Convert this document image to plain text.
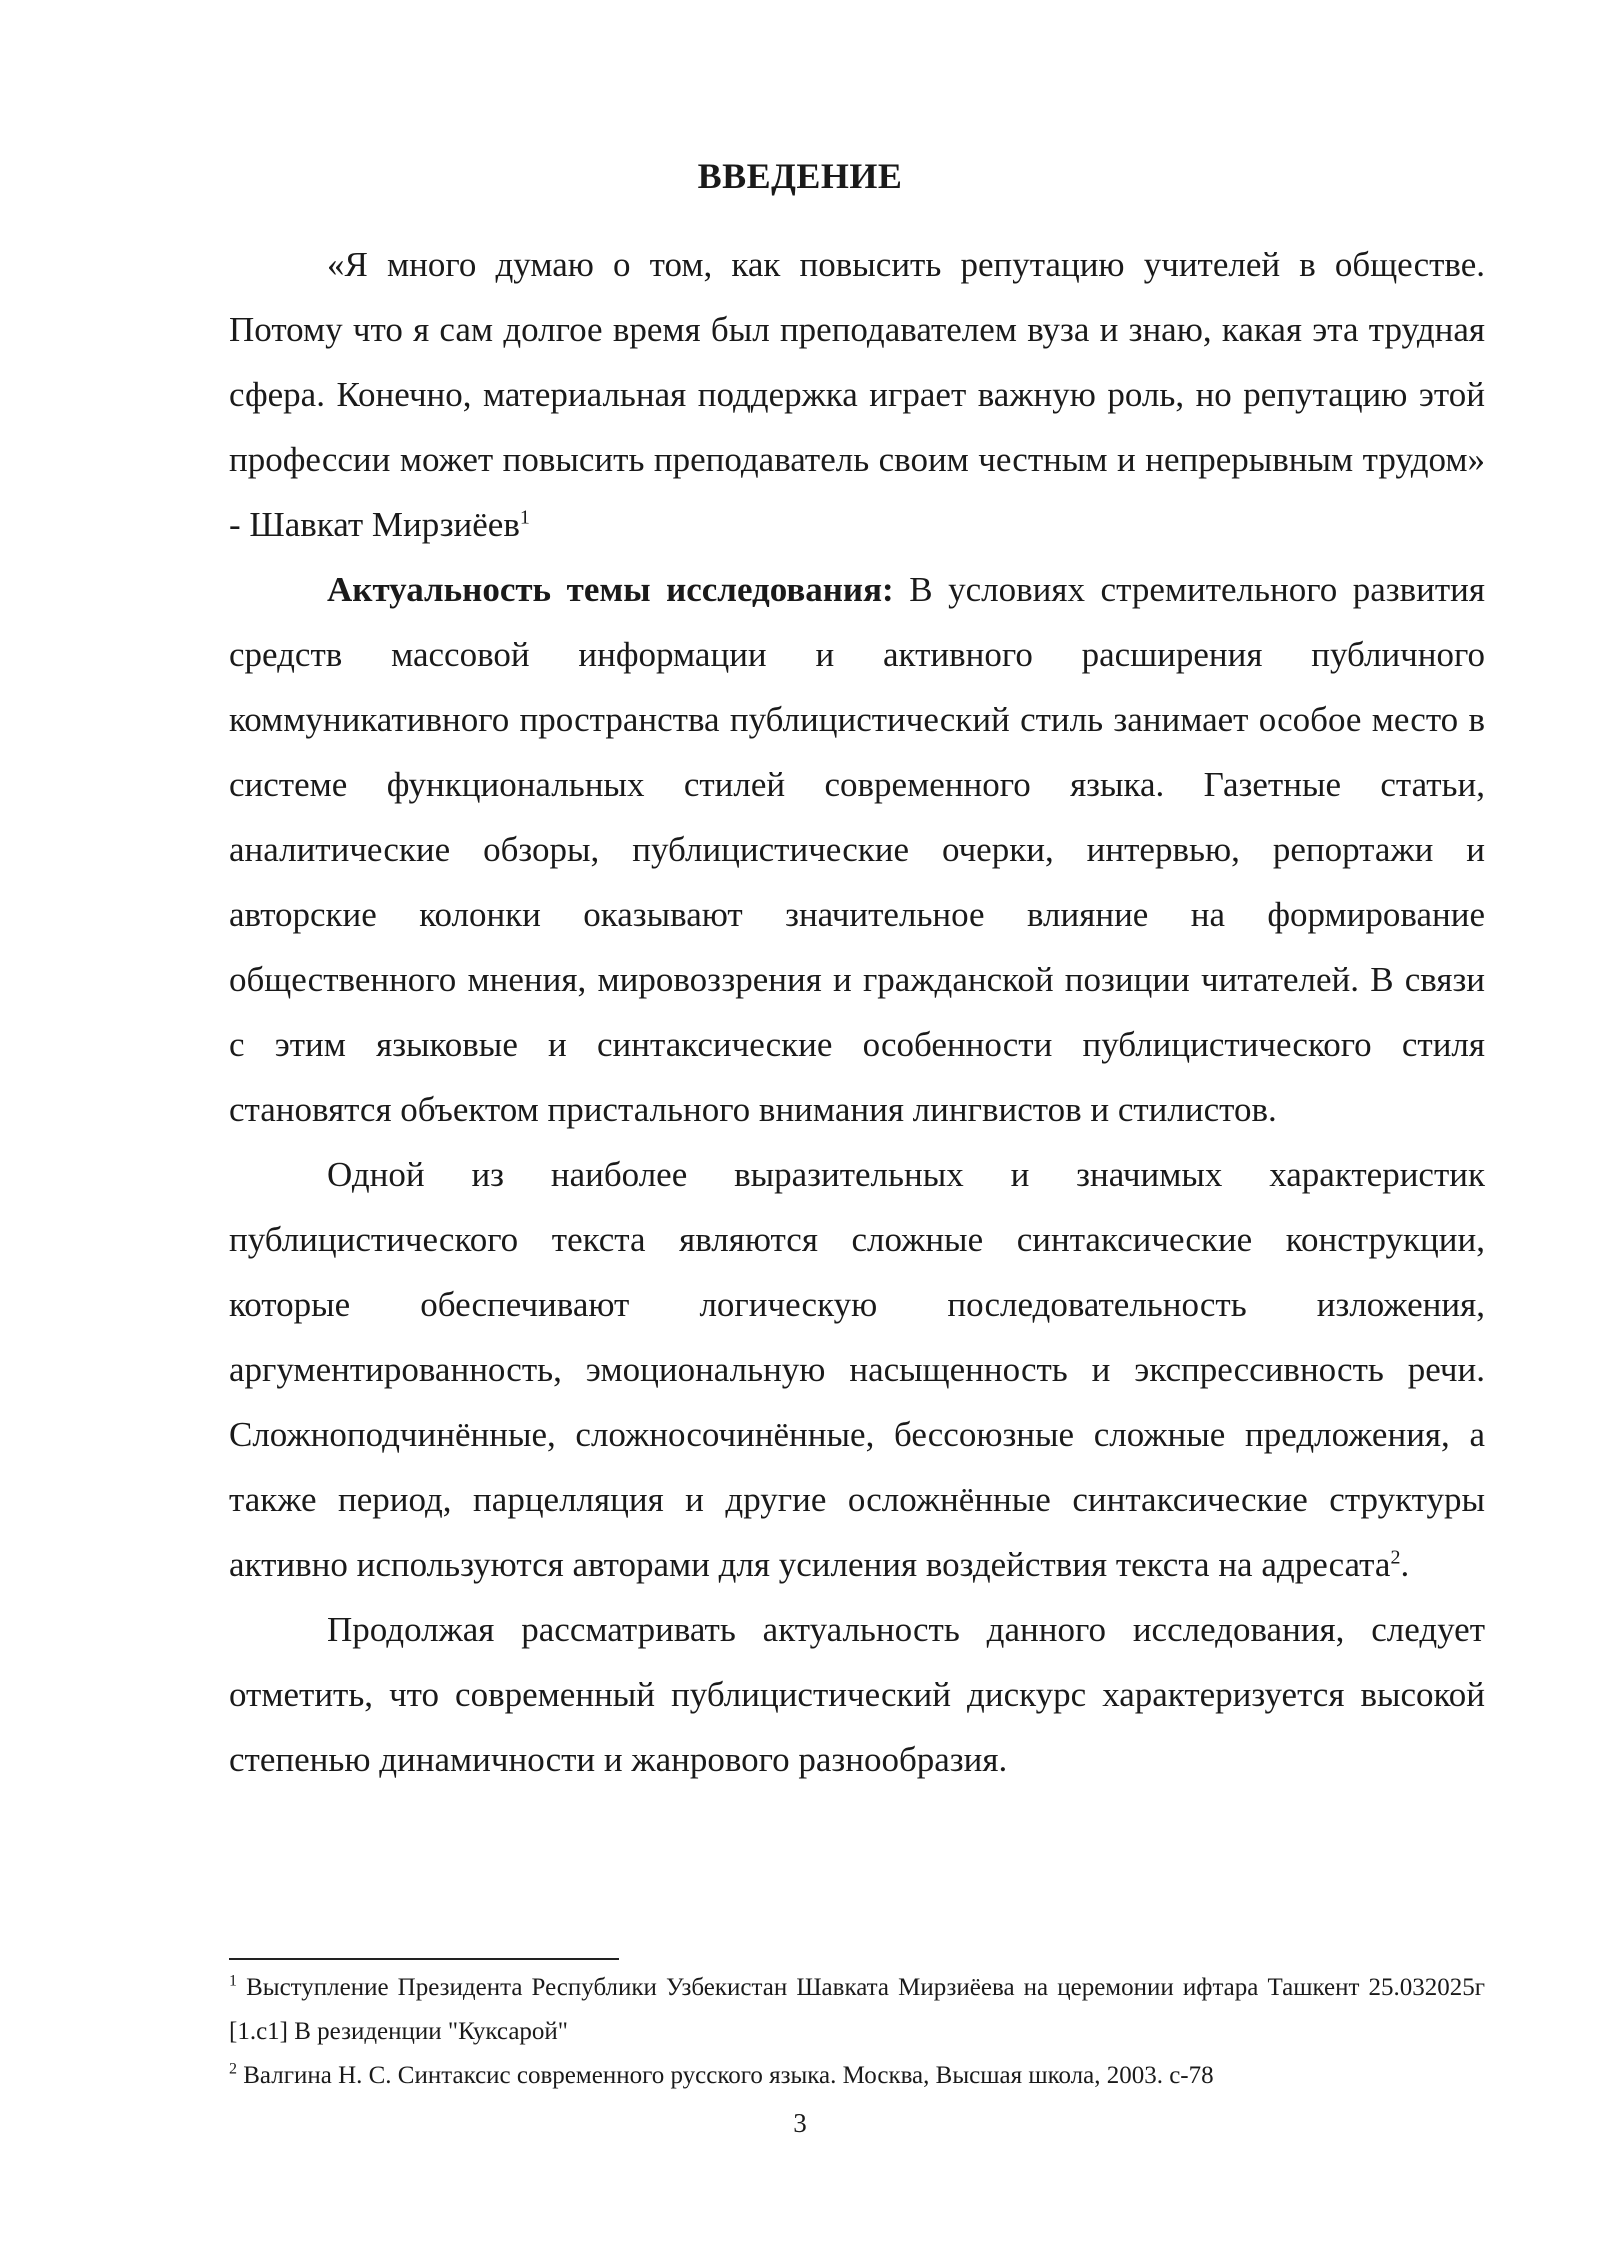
ВВЕДЕНИЕ

«Я много думаю о том, как повысить репутацию учителей в обществе. Потому что я сам долгое время был преподавателем вуза и знаю, какая эта трудная сфера. Конечно, материальная поддержка играет важную роль, но репутацию этой профессии может повысить преподаватель своим честным и непрерывным трудом» - Шавкат Мирзиёев$^1$

Актуальность темы исследования: В условиях стремительного развития средств массовой информации и активного расширения публичного коммуникативного пространства публицистический стиль занимает особое место в системе функциональных стилей современного языка. Газетные статьи, аналитические обзоры, публицистические очерки, интервью, репортажи и авторские колонки оказывают значительное влияние на формирование общественного мнения, мировоззрения и гражданской позиции читателей. В связи с этим языковые и синтаксические особенности публицистического стиля становятся объектом пристального внимания лингвистов и стилистов.

Одной из наиболее выразительных и значимых характеристик публицистического текста являются сложные синтаксические конструкции, которые обеспечивают логическую последовательность изложения, аргументированность, эмоциональную насыщенность и экспрессивность речи. Сложноподчинённые, сложносочинённые, бессоюзные сложные предложения, а также период, парцелляция и другие осложнённые синтаксические структуры активно используются авторами для усиления воздействия текста на адресата$^2$.

Продолжая рассматривать актуальность данного исследования, следует отметить, что современный публицистический дискурс характеризуется высокой степенью динамичности и жанрового разнообразия.

$^1$ Выступление Президента Республики Узбекистан Шавката Мирзиёева на церемонии ифтара Ташкент 25.032025г [1.с1] В резиденции "Куксарой"

$^2$ Валгина Н. С. Синтаксис современного русского языка. Москва, Высшая школа, 2003. с-78

3
